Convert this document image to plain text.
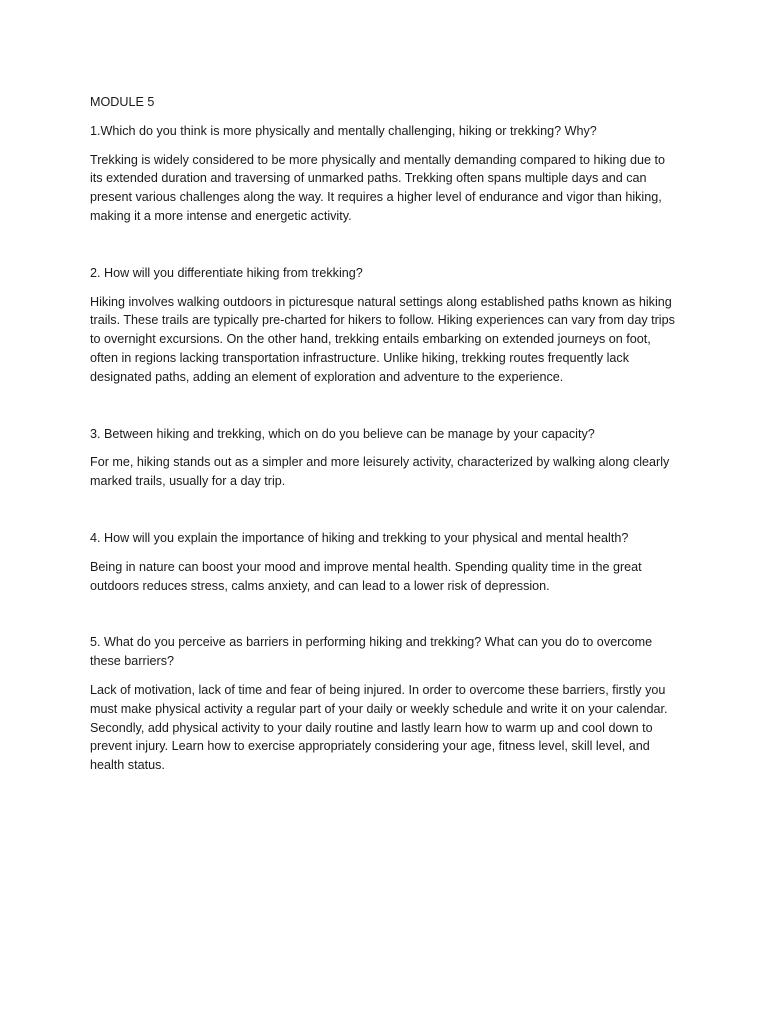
MODULE 5

1.Which do you think is more physically and mentally challenging, hiking or trekking? Why?

Trekking is widely considered to be more physically and mentally demanding compared to hiking due to its extended duration and traversing of unmarked paths. Trekking often spans multiple days and can present various challenges along the way. It requires a higher level of endurance and vigor than hiking, making it a more intense and energetic activity.

2. How will you differentiate hiking from trekking?

Hiking involves walking outdoors in picturesque natural settings along established paths known as hiking trails. These trails are typically pre-charted for hikers to follow. Hiking experiences can vary from day trips to overnight excursions. On the other hand, trekking entails embarking on extended journeys on foot, often in regions lacking transportation infrastructure. Unlike hiking, trekking routes frequently lack designated paths, adding an element of exploration and adventure to the experience.

3. Between hiking and trekking, which on do you believe can be manage by your capacity?

For me, hiking stands out as a simpler and more leisurely activity, characterized by walking along clearly marked trails, usually for a day trip.

4. How will you explain the importance of hiking and trekking to your physical and mental health?

Being in nature can boost your mood and improve mental health. Spending quality time in the great outdoors reduces stress, calms anxiety, and can lead to a lower risk of depression.

5. What do you perceive as barriers in performing hiking and trekking? What can you do to overcome these barriers?

Lack of motivation, lack of time and fear of being injured. In order to overcome these barriers, firstly you must make physical activity a regular part of your daily or weekly schedule and write it on your calendar. Secondly, add physical activity to your daily routine and lastly learn how to warm up and cool down to prevent injury. Learn how to exercise appropriately considering your age, fitness level, skill level, and health status.
